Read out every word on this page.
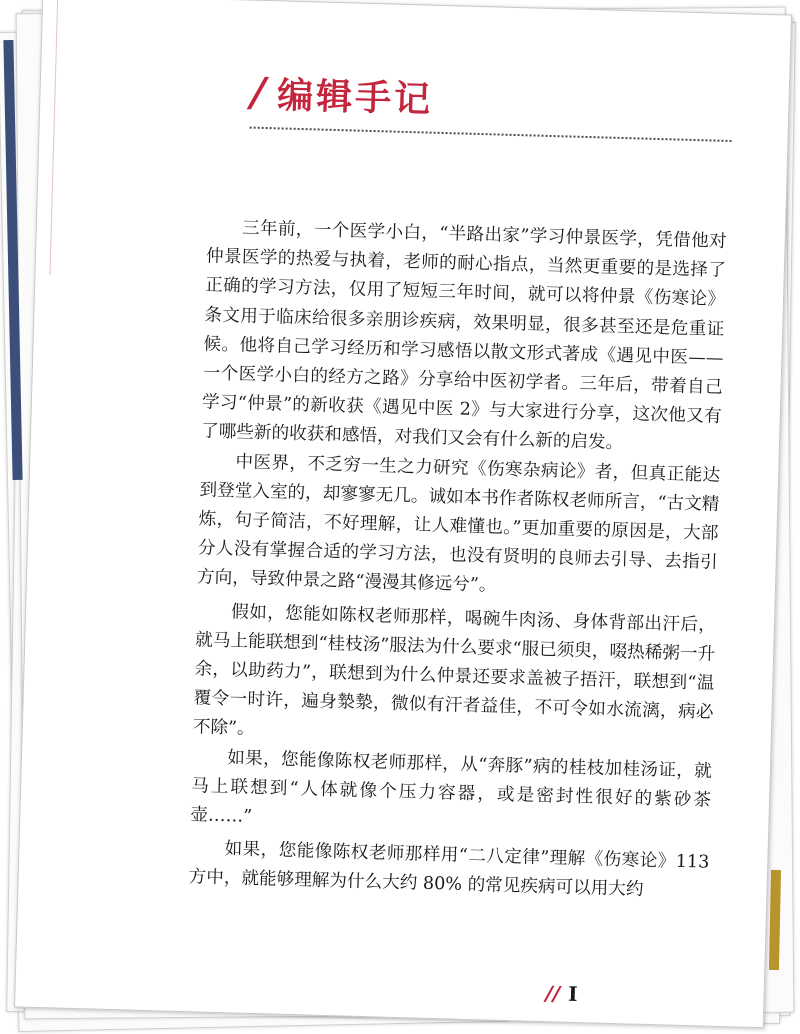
/ 编辑手记

三年前，一个医学小白，“半路出家”学习仲景医学，凭借他对仲景医学的热爱与执着，老师的耐心指点，当然更重要的是选择了正确的学习方法，仅用了短短三年时间，就可以将仲景《伤寒论》条文用于临床给很多亲朋诊疾病，效果明显，很多甚至还是危重证候。他将自己学习经历和学习感悟以散文形式著成《遇见中医——一个医学小白的经方之路》分享给中医初学者。三年后，带着自己学习“仲景”的新收获《遇见中医 2》与大家进行分享，这次他又有了哪些新的收获和感悟，对我们又会有什么新的启发。

中医界，不乏穷一生之力研究《伤寒杂病论》者，但真正能达到登堂入室的，却寥寥无几。诚如本书作者陈权老师所言，“古文精炼，句子简洁，不好理解，让人难懂也。”更加重要的原因是，大部分人没有掌握合适的学习方法，也没有贤明的良师去引导、去指引方向，导致仲景之路“漫漫其修远兮”。

假如，您能如陈权老师那样，喝碗牛肉汤、身体背部出汗后，就马上能联想到“桂枝汤”服法为什么要求“服已须臾，啜热稀粥一升余，以助药力”，联想到为什么仲景还要求盖被子捂汗，联想到“温覆令一时许，遍身漐漐，微似有汗者益佳，不可令如水流漓，病必不除”。

如果，您能像陈权老师那样，从“奔豚”病的桂枝加桂汤证，就马上联想到“人体就像个压力容器，或是密封性很好的紫砂茶壶……”

如果，您能像陈权老师那样用“二八定律”理解《伤寒论》113 方中，就能够理解为什么大约 80% 的常见疾病可以用大约

// I
